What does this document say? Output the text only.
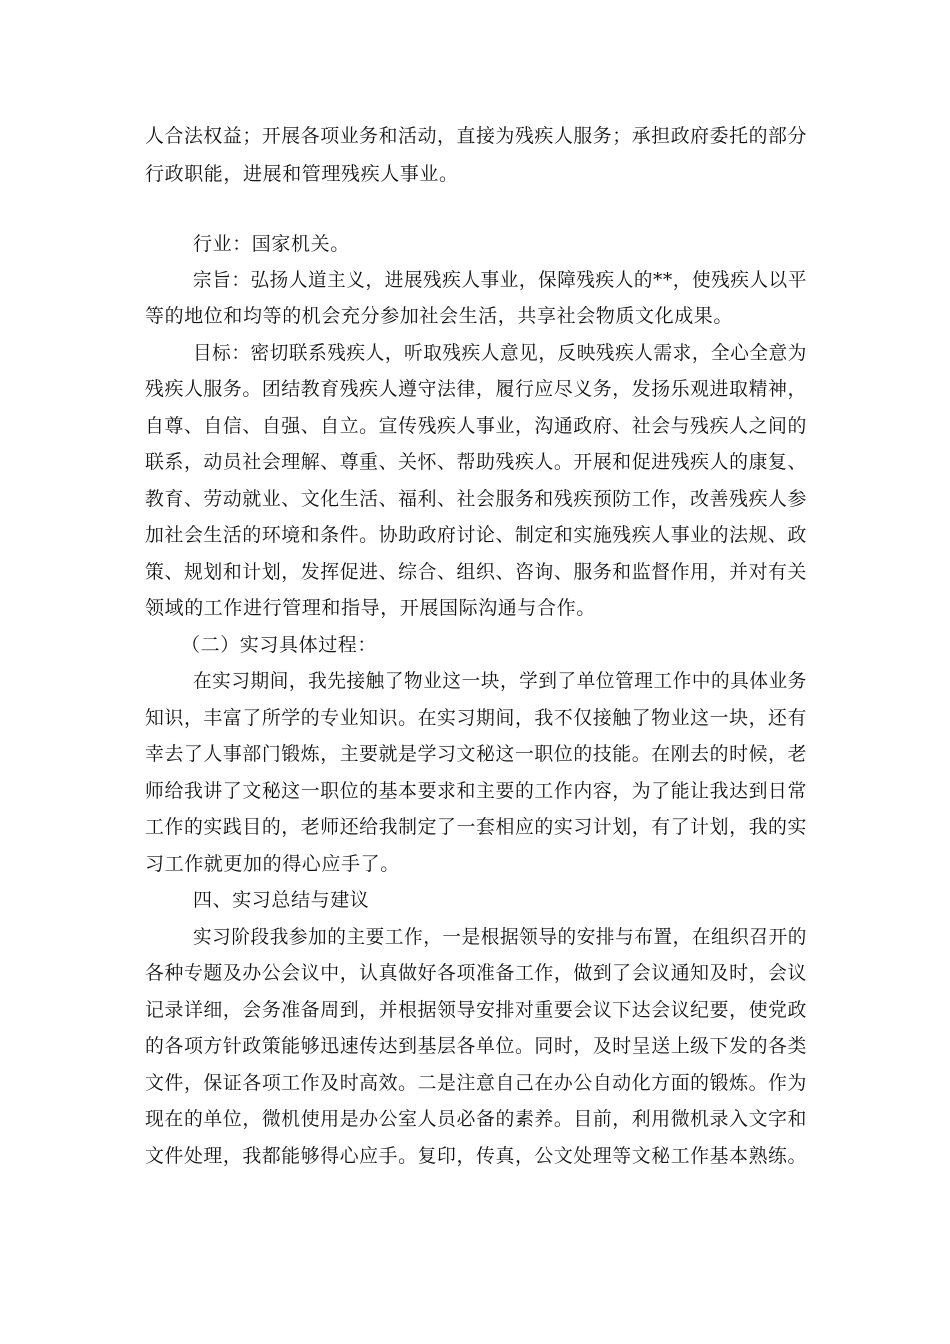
人合法权益；开展各项业务和活动，直接为残疾人服务；承担政府委托的部分
行政职能，进展和管理残疾人事业。
行业：国家机关。
宗旨：弘扬人道主义，进展残疾人事业，保障残疾人的**，使残疾人以平
等的地位和均等的机会充分参加社会生活，共享社会物质文化成果。
目标：密切联系残疾人，听取残疾人意见，反映残疾人需求，全心全意为
残疾人服务。团结教育残疾人遵守法律，履行应尽义务，发扬乐观进取精神，
自尊、自信、自强、自立。宣传残疾人事业，沟通政府、社会与残疾人之间的
联系，动员社会理解、尊重、关怀、帮助残疾人。开展和促进残疾人的康复、
教育、劳动就业、文化生活、福利、社会服务和残疾预防工作，改善残疾人参
加社会生活的环境和条件。协助政府讨论、制定和实施残疾人事业的法规、政
策、规划和计划，发挥促进、综合、组织、咨询、服务和监督作用，并对有关
领域的工作进行管理和指导，开展国际沟通与合作。
（二）实习具体过程：
在实习期间，我先接触了物业这一块，学到了单位管理工作中的具体业务
知识，丰富了所学的专业知识。在实习期间，我不仅接触了物业这一块，还有
幸去了人事部门锻炼，主要就是学习文秘这一职位的技能。在刚去的时候，老
师给我讲了文秘这一职位的基本要求和主要的工作内容，为了能让我达到日常
工作的实践目的，老师还给我制定了一套相应的实习计划，有了计划，我的实
习工作就更加的得心应手了。
四、实习总结与建议
实习阶段我参加的主要工作，一是根据领导的安排与布置，在组织召开的
各种专题及办公会议中，认真做好各项准备工作，做到了会议通知及时，会议
记录详细，会务准备周到，并根据领导安排对重要会议下达会议纪要，使党政
的各项方针政策能够迅速传达到基层各单位。同时，及时呈送上级下发的各类
文件，保证各项工作及时高效。二是注意自己在办公自动化方面的锻炼。作为
现在的单位，微机使用是办公室人员必备的素养。目前，利用微机录入文字和
文件处理，我都能够得心应手。复印，传真，公文处理等文秘工作基本熟练。
